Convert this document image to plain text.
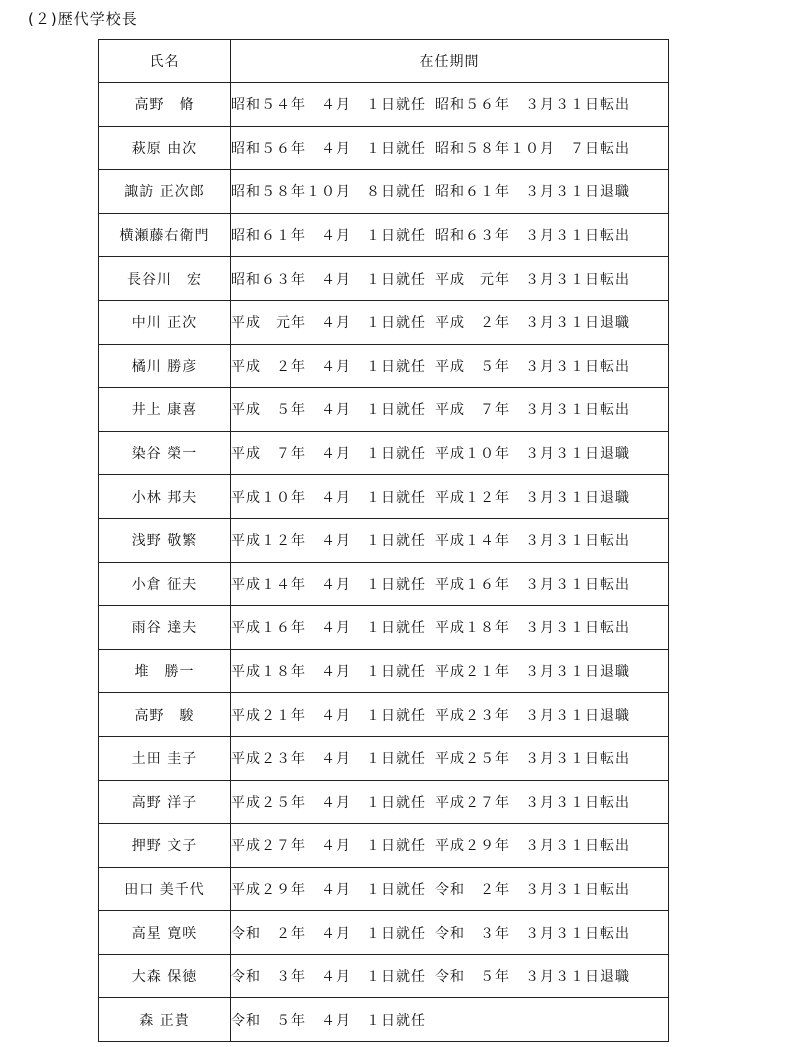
(２)歴代学校長
氏名	在任期間
高野　脩	昭和５４年　４月　１日就任 昭和５６年　３月３１日転出
萩原 由次	昭和５６年　４月　１日就任 昭和５８年１０月　７日転出
諏訪 正次郎	昭和５８年１０月　８日就任 昭和６１年　３月３１日退職
横瀬藤右衛門	昭和６１年　４月　１日就任 昭和６３年　３月３１日転出
長谷川　宏	昭和６３年　４月　１日就任 平成　元年　３月３１日転出
中川 正次	平成　元年　４月　１日就任 平成　２年　３月３１日退職
橘川 勝彦	平成　２年　４月　１日就任 平成　５年　３月３１日転出
井上 康喜	平成　５年　４月　１日就任 平成　７年　３月３１日転出
染谷 榮一	平成　７年　４月　１日就任 平成１０年　３月３１日退職
小林 邦夫	平成１０年　４月　１日就任 平成１２年　３月３１日退職
浅野 敬繁	平成１２年　４月　１日就任 平成１４年　３月３１日転出
小倉 征夫	平成１４年　４月　１日就任 平成１６年　３月３１日転出
雨谷 達夫	平成１６年　４月　１日就任 平成１８年　３月３１日転出
堆　勝一	平成１８年　４月　１日就任 平成２１年　３月３１日退職
高野　駿	平成２１年　４月　１日就任 平成２３年　３月３１日退職
土田 圭子	平成２３年　４月　１日就任 平成２５年　３月３１日転出
高野 洋子	平成２５年　４月　１日就任 平成２７年　３月３１日転出
押野 文子	平成２７年　４月　１日就任 平成２９年　３月３１日転出
田口 美千代	平成２９年　４月　１日就任 令和　２年　３月３１日転出
高星 寛咲	令和　２年　４月　１日就任 令和　３年　３月３１日転出
大森 保徳	令和　３年　４月　１日就任 令和　５年　３月３１日退職
森 正貴	令和　５年　４月　１日就任
